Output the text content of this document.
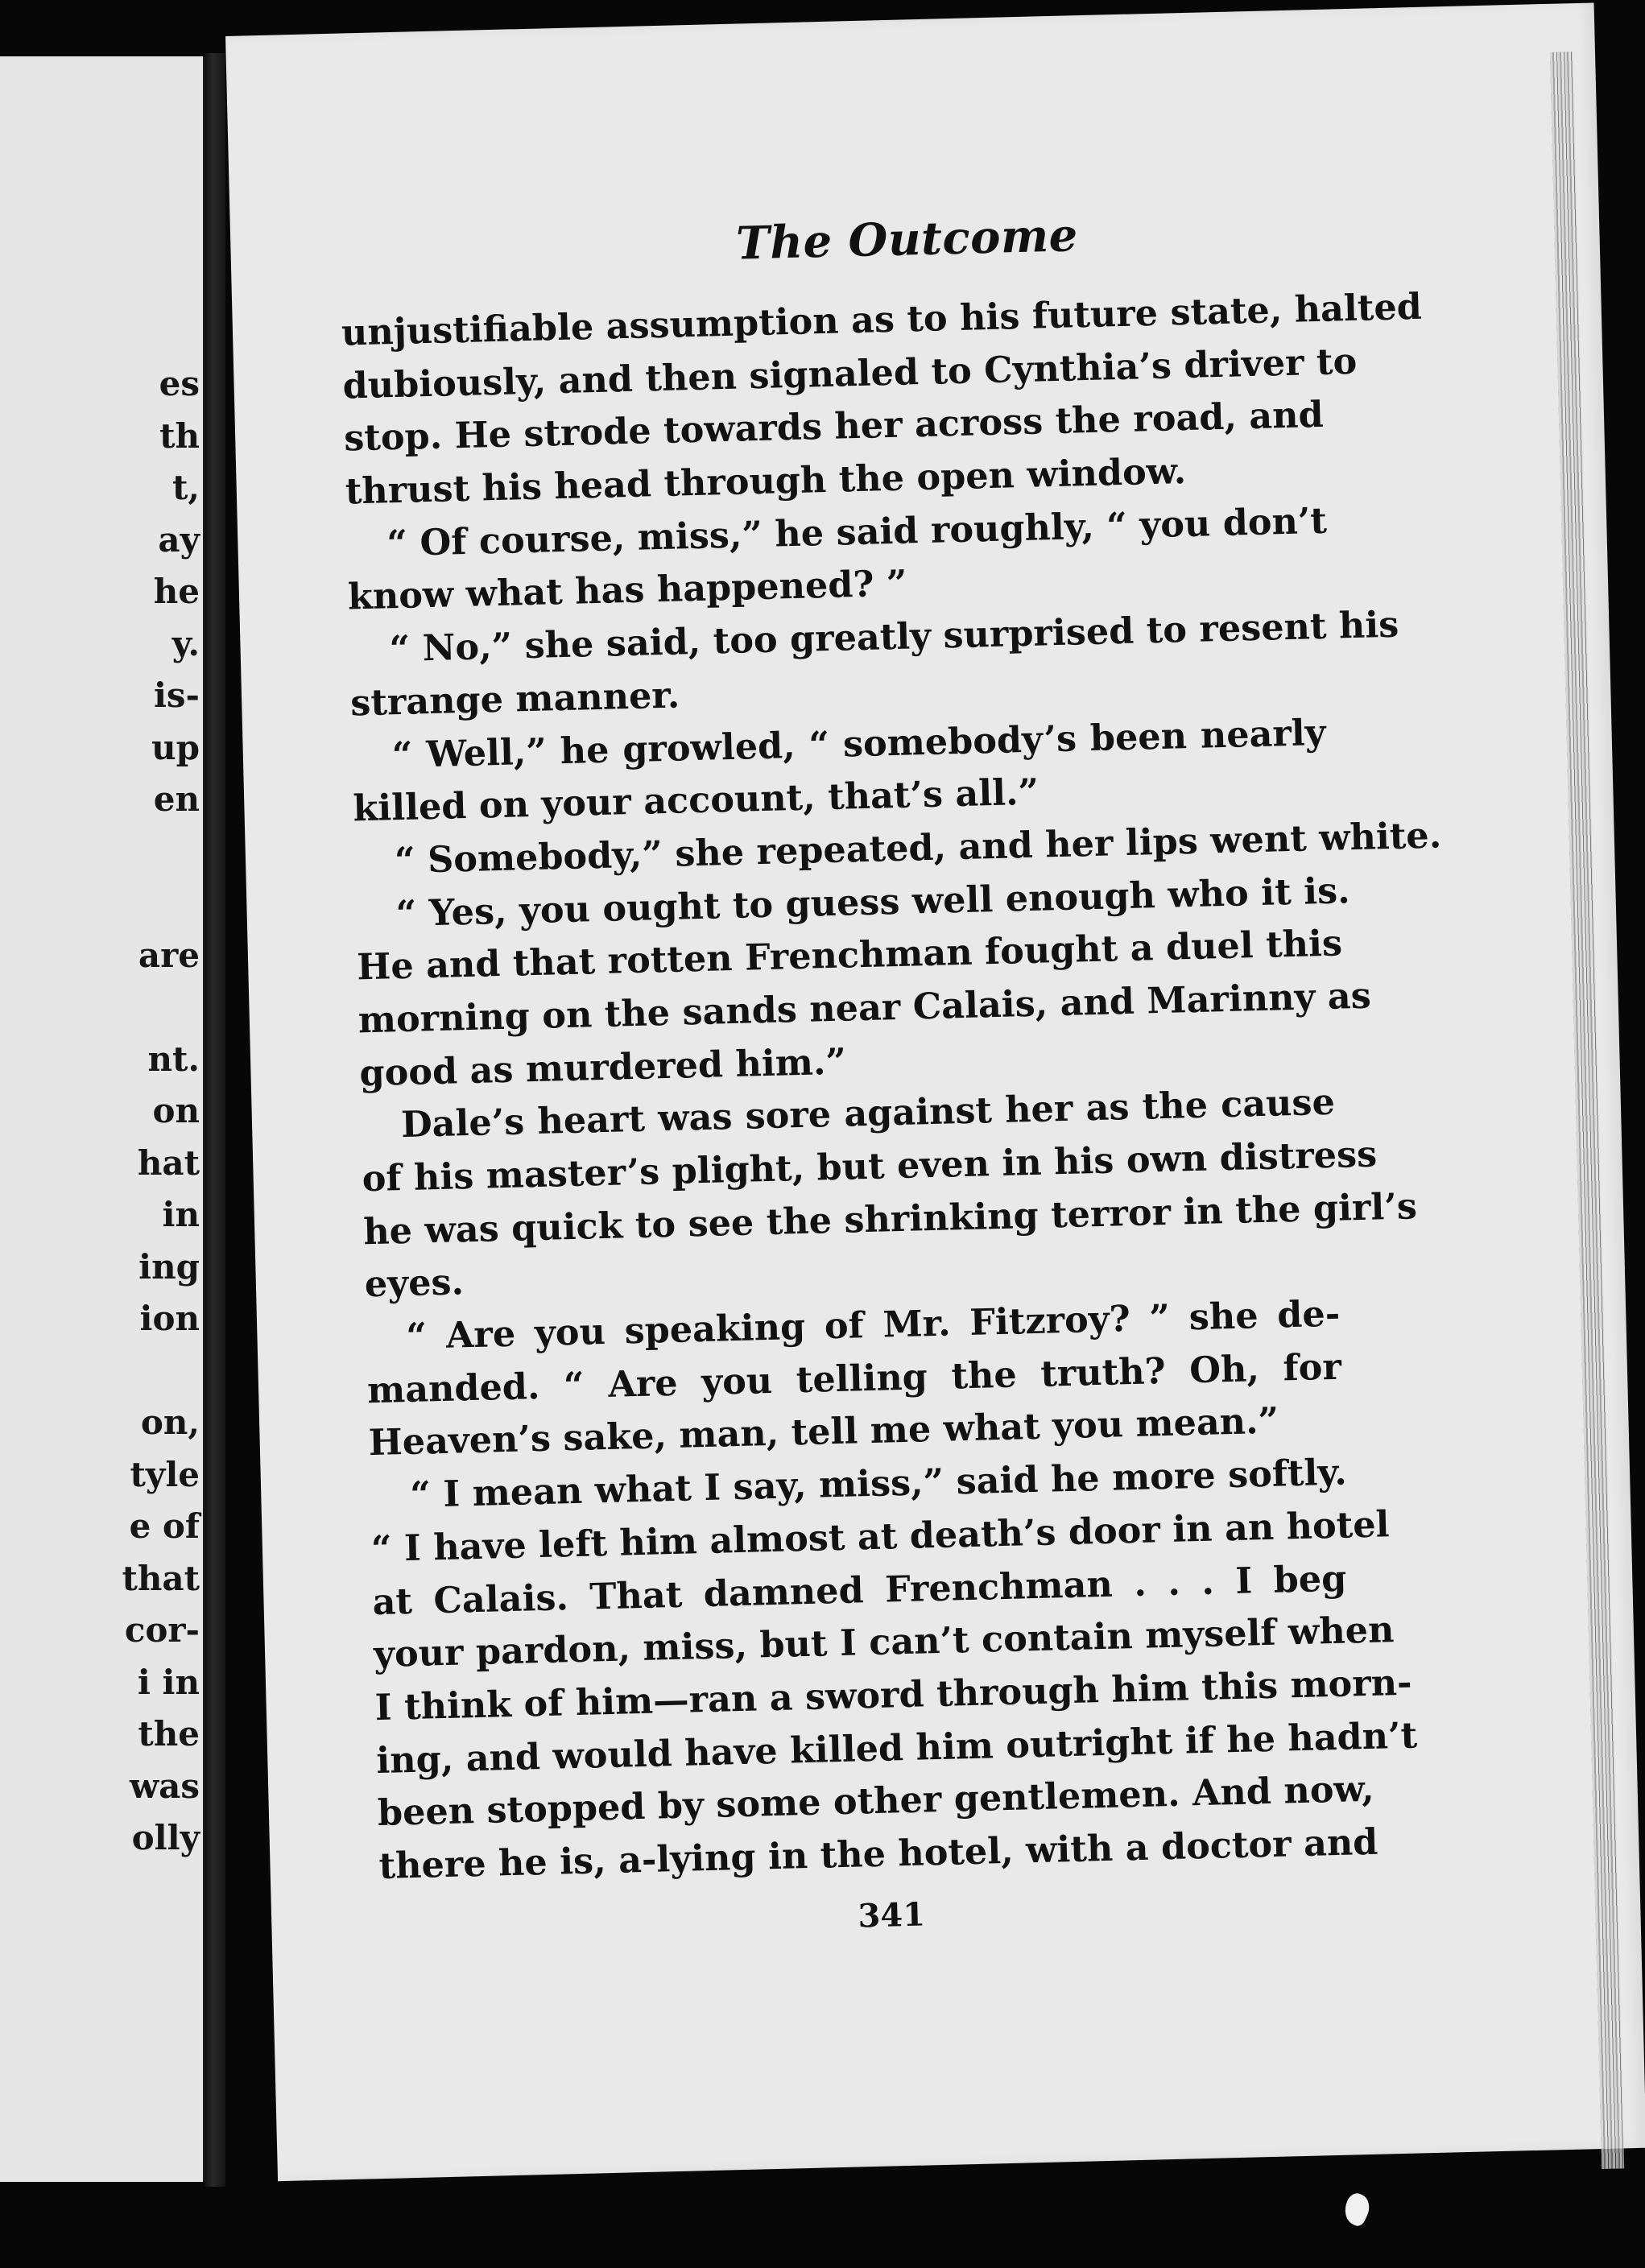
es
th
t,
ay
he
y.
is-
up
en
are
nt.
on
hat
in
ing
ion
on,
tyle
e of
that
cor-
i in
the
was
olly
The Outcome
unjustifiable assumption as to his future state, halted
dubiously, and then signaled to Cynthia’s driver to
stop. He strode towards her across the road, and
thrust his head through the open window.
“ Of course, miss,” he said roughly, “ you don’t
know what has happened? ”
“ No,” she said, too greatly surprised to resent his
strange manner.
“ Well,” he growled, “ somebody’s been nearly
killed on your account, that’s all.”
“ Somebody,” she repeated, and her lips went white.
“ Yes, you ought to guess well enough who it is.
He and that rotten Frenchman fought a duel this
morning on the sands near Calais, and Marinny as
good as murdered him.”
Dale’s heart was sore against her as the cause
of his master’s plight, but even in his own distress
he was quick to see the shrinking terror in the girl’s
eyes.
“ Are you speaking of Mr. Fitzroy? ” she de-
manded. “ Are you telling the truth? Oh, for
Heaven’s sake, man, tell me what you mean.”
“ I mean what I say, miss,” said he more softly.
“ I have left him almost at death’s door in an hotel
at Calais. That damned Frenchman . . . I beg
your pardon, miss, but I can’t contain myself when
I think of him—ran a sword through him this morn-
ing, and would have killed him outright if he hadn’t
been stopped by some other gentlemen. And now,
there he is, a-lying in the hotel, with a doctor and
341
